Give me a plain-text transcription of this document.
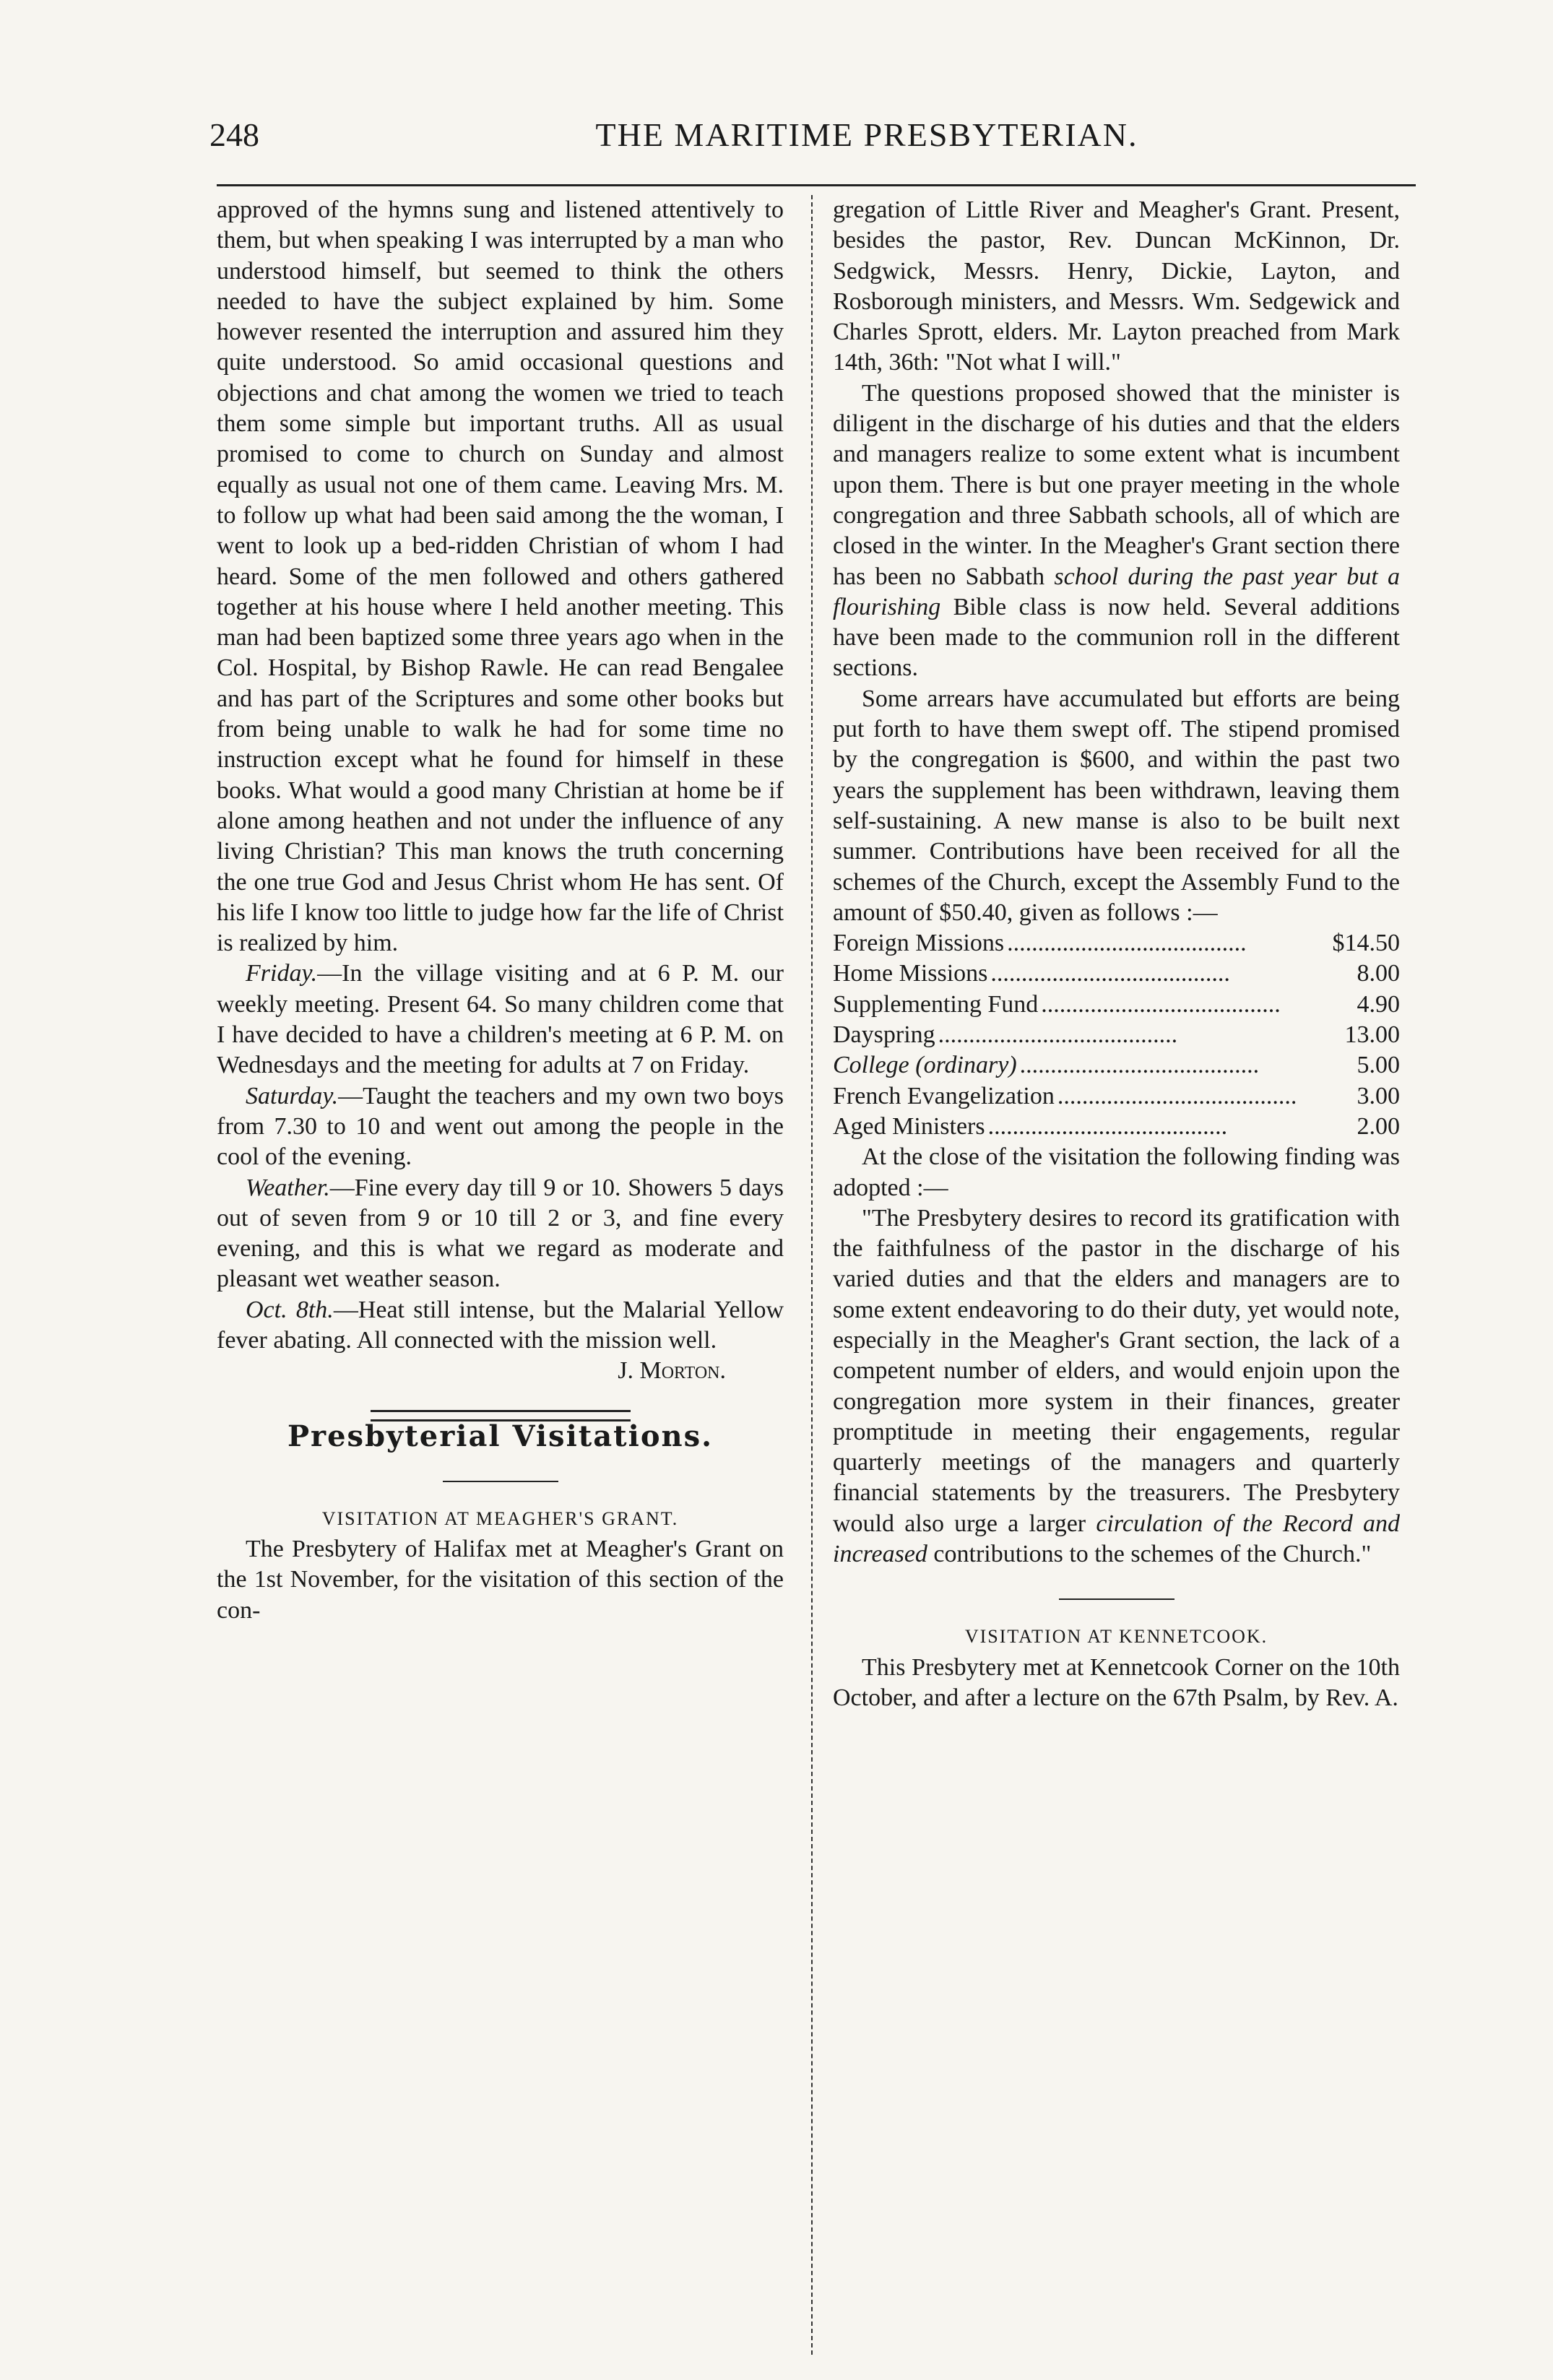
248	THE MARITIME PRESBYTERIAN.

approved of the hymns sung and listened attentively to them, but when speaking I was interrupted by a man who understood himself, but seemed to think the others needed to have the subject explained by him. Some however resented the interruption and assured him they quite understood. So amid occasional questions and objections and chat among the women we tried to teach them some simple but important truths. All as usual promised to come to church on Sunday and almost equally as usual not one of them came. Leaving Mrs. M. to follow up what had been said among the the woman, I went to look up a bed-ridden Christian of whom I had heard. Some of the men followed and others gathered together at his house where I held another meeting. This man had been baptized some three years ago when in the Col. Hospital, by Bishop Rawle. He can read Bengalee and has part of the Scriptures and some other books but from being unable to walk he had for some time no instruction except what he found for himself in these books. What would a good many Christian at home be if alone among heathen and not under the influence of any living Christian? This man knows the truth concerning the one true God and Jesus Christ whom He has sent. Of his life I know too little to judge how far the life of Christ is realized by him.

Friday.—In the village visiting and at 6 P. M. our weekly meeting. Present 64. So many children come that I have decided to have a children's meeting at 6 P. M. on Wednesdays and the meeting for adults at 7 on Friday.

Saturday.—Taught the teachers and my own two boys from 7.30 to 10 and went out among the people in the cool of the evening.

Weather.—Fine every day till 9 or 10. Showers 5 days out of seven from 9 or 10 till 2 or 3, and fine every evening, and this is what we regard as moderate and pleasant wet weather season.

Oct. 8th.—Heat still intense, but the Malarial Yellow fever abating. All connected with the mission well.

J. Morton.

Presbyterial Visitations.

VISITATION AT MEAGHER'S GRANT.

The Presbytery of Halifax met at Meagher's Grant on the 1st November, for the visitation of this section of the con-

gregation of Little River and Meagher's Grant. Present, besides the pastor, Rev. Duncan McKinnon, Dr. Sedgwick, Messrs. Henry, Dickie, Layton, and Rosborough ministers, and Messrs. Wm. Sedgewick and Charles Sprott, elders. Mr. Layton preached from Mark 14th, 36th: "Not what I will."

The questions proposed showed that the minister is diligent in the discharge of his duties and that the elders and managers realize to some extent what is incumbent upon them. There is but one prayer meeting in the whole congregation and three Sabbath schools, all of which are closed in the winter. In the Meagher's Grant section there has been no Sabbath school during the past year but a flourishing Bible class is now held. Several additions have been made to the communion roll in the different sections.

Some arrears have accumulated but efforts are being put forth to have them swept off. The stipend promised by the congregation is $600, and within the past two years the supplement has been withdrawn, leaving them self-sustaining. A new manse is also to be built next summer. Contributions have been received for all the schemes of the Church, except the Assembly Fund to the amount of $50.40, given as follows :—

Foreign Missions .......................................	$14.50
Home Missions .......................................	8.00
Supplementing Fund .......................................	4.90
Dayspring .......................................	13.00
College (ordinary) .......................................	5.00
French Evangelization .......................................	3.00
Aged Ministers .......................................	2.00

At the close of the visitation the following finding was adopted :—

"The Presbytery desires to record its gratification with the faithfulness of the pastor in the discharge of his varied duties and that the elders and managers are to some extent endeavoring to do their duty, yet would note, especially in the Meagher's Grant section, the lack of a competent number of elders, and would enjoin upon the congregation more system in their finances, greater promptitude in meeting their engagements, regular quarterly meetings of the managers and quarterly financial statements by the treasurers. The Presbytery would also urge a larger circulation of the Record and increased contributions to the schemes of the Church."

VISITATION AT KENNETCOOK.

This Presbytery met at Kennetcook Corner on the 10th October, and after a lecture on the 67th Psalm, by Rev. A.
